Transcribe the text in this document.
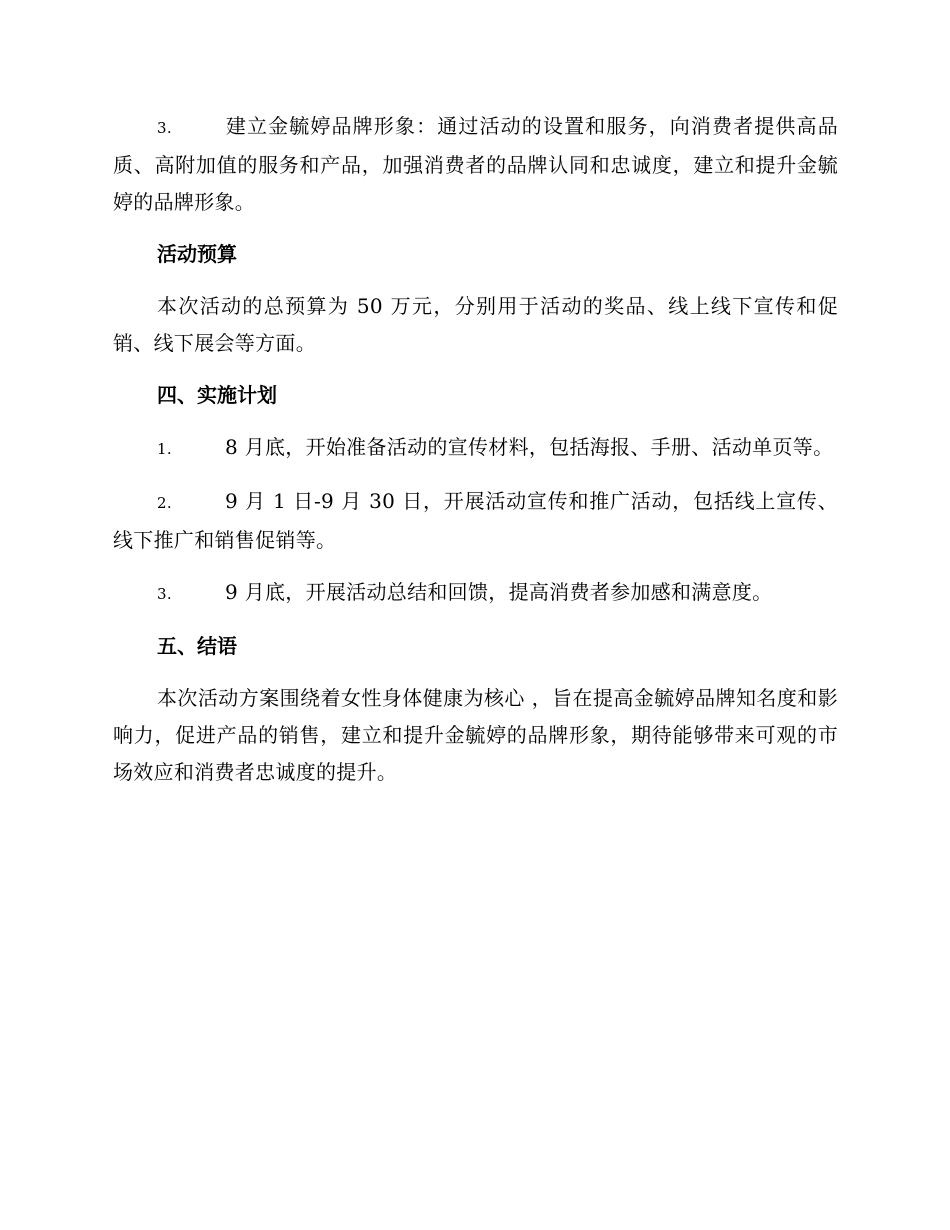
3.	建立金毓婷品牌形象：通过活动的设置和服务，向消费者提供高品质、高附加值的服务和产品，加强消费者的品牌认同和忠诚度，建立和提升金毓婷的品牌形象。

活动预算

本次活动的总预算为 50 万元，分别用于活动的奖品、线上线下宣传和促销、线下展会等方面。

四、实施计划

1.	8 月底，开始准备活动的宣传材料，包括海报、手册、活动单页等。

2.	9 月 1 日-9 月 30 日，开展活动宣传和推广活动，包括线上宣传、线下推广和销售促销等。

3.	9 月底，开展活动总结和回馈，提高消费者参加感和满意度。

五、结语

本次活动方案围绕着女性身体健康为核心 ，旨在提高金毓婷品牌知名度和影响力，促进产品的销售，建立和提升金毓婷的品牌形象，期待能够带来可观的市场效应和消费者忠诚度的提升。
